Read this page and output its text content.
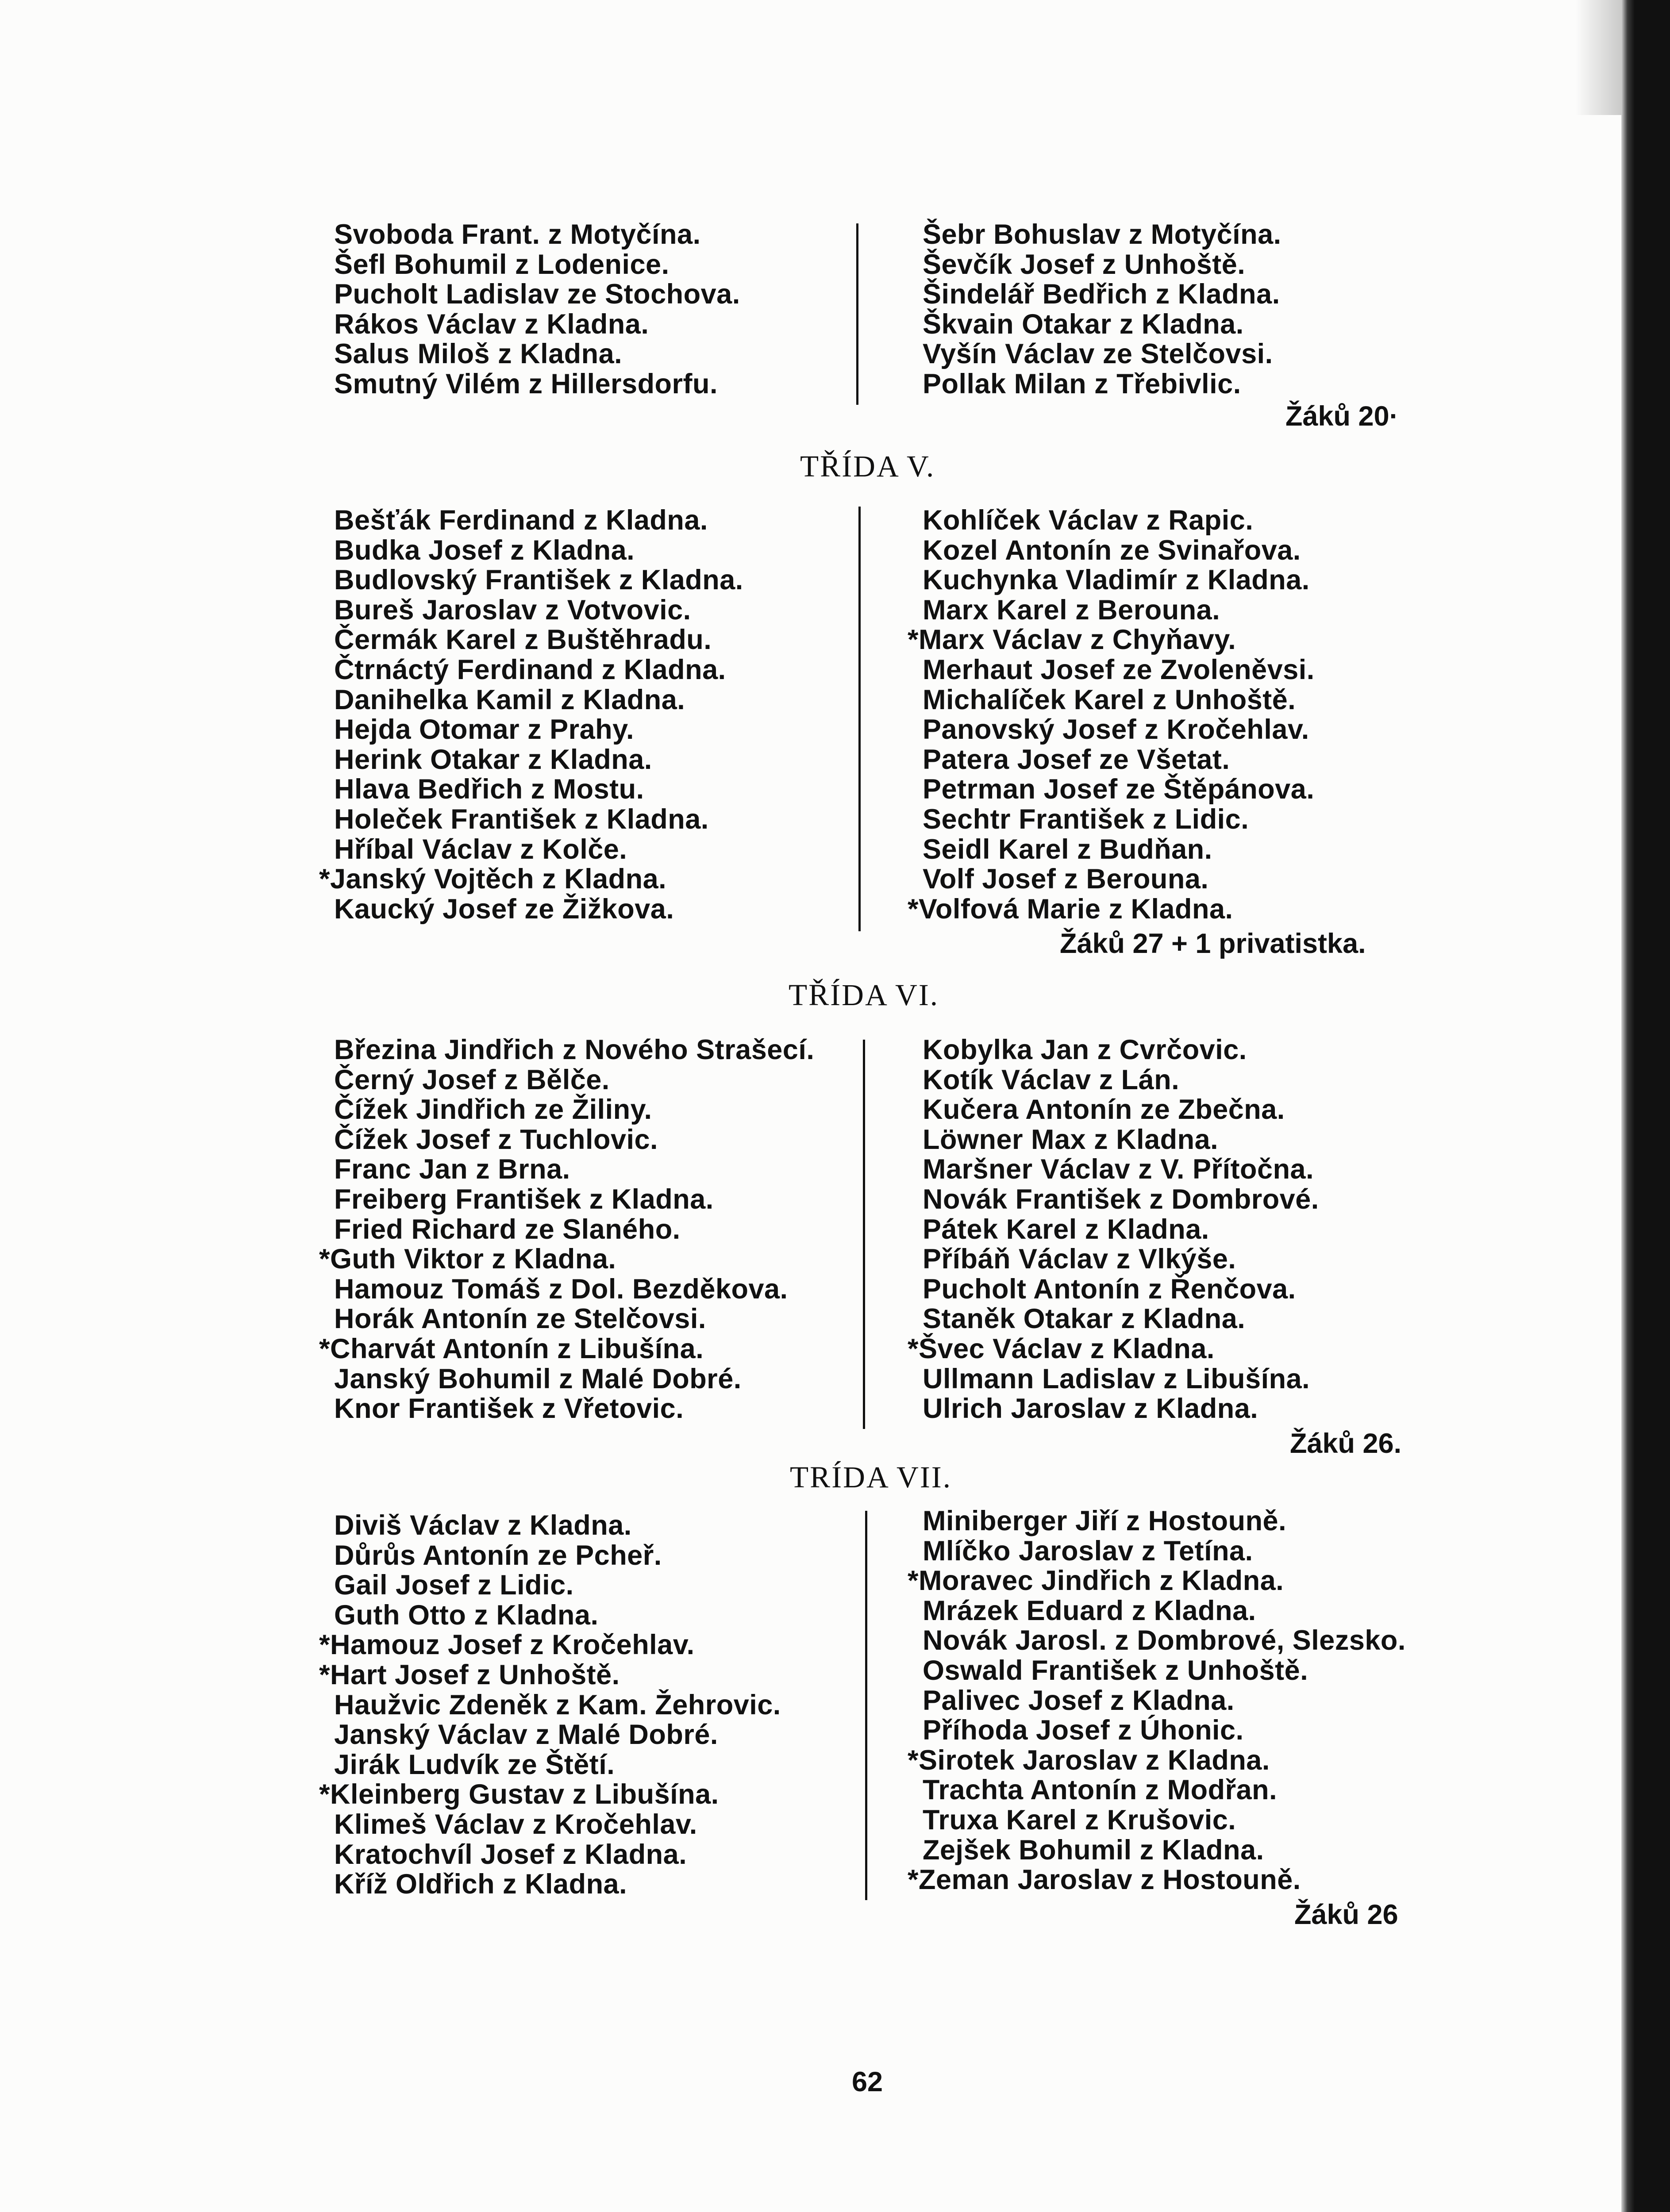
Svoboda Frant. z Motyčína.
Šefl Bohumil z Lodenice.
Pucholt Ladislav ze Stochova.
Rákos Václav z Kladna.
Salus Miloš z Kladna.
Smutný Vilém z Hillersdorfu.
Šebr Bohuslav z Motyčína.
Ševčík Josef z Unhoště.
Šindelář Bedřich z Kladna.
Škvain Otakar z Kladna.
Vyšín Václav ze Stelčovsi.
Pollak Milan z Třebivlic.
Žáků 20·
TŘÍDA V.
Bešťák Ferdinand z Kladna.
Budka Josef z Kladna.
Budlovský František z Kladna.
Bureš Jaroslav z Votvovic.
Čermák Karel z Buštěhradu.
Čtrnáctý Ferdinand z Kladna.
Danihelka Kamil z Kladna.
Hejda Otomar z Prahy.
Herink Otakar z Kladna.
Hlava Bedřich z Mostu.
Holeček František z Kladna.
Hříbal Václav z Kolče.
*Janský Vojtěch z Kladna.
Kaucký Josef ze Žižkova.
Kohlíček Václav z Rapic.
Kozel Antonín ze Svinařova.
Kuchynka Vladimír z Kladna.
Marx Karel z Berouna.
*Marx Václav z Chyňavy.
Merhaut Josef ze Zvoleněvsi.
Michalíček Karel z Unhoště.
Panovský Josef z Kročehlav.
Patera Josef ze Všetat.
Petrman Josef ze Štěpánova.
Sechtr František z Lidic.
Seidl Karel z Budňan.
Volf Josef z Berouna.
*Volfová Marie z Kladna.
Žáků 27 + 1 privatistka.
TŘÍDA VI.
Březina Jindřich z Nového Strašecí.
Černý Josef z Bělče.
Čížek Jindřich ze Žiliny.
Čížek Josef z Tuchlovic.
Franc Jan z Brna.
Freiberg František z Kladna.
Fried Richard ze Slaného.
*Guth Viktor z Kladna.
Hamouz Tomáš z Dol. Bezděkova.
Horák Antonín ze Stelčovsi.
*Charvát Antonín z Libušína.
Janský Bohumil z Malé Dobré.
Knor František z Vřetovic.
Kobylka Jan z Cvrčovic.
Kotík Václav z Lán.
Kučera Antonín ze Zbečna.
Löwner Max z Kladna.
Maršner Václav z V. Přítočna.
Novák František z Dombrové.
Pátek Karel z Kladna.
Příbáň Václav z Vlkýše.
Pucholt Antonín z Řenčova.
Staněk Otakar z Kladna.
*Švec Václav z Kladna.
Ullmann Ladislav z Libušína.
Ulrich Jaroslav z Kladna.
Žáků 26.
TRÍDA VII.
Diviš Václav z Kladna.
Důrůs Antonín ze Pcheř.
Gail Josef z Lidic.
Guth Otto z Kladna.
*Hamouz Josef z Kročehlav.
*Hart Josef z Unhoště.
Haužvic Zdeněk z Kam. Žehrovic.
Janský Václav z Malé Dobré.
Jirák Ludvík ze Štětí.
*Kleinberg Gustav z Libušína.
Klimeš Václav z Kročehlav.
Kratochvíl Josef z Kladna.
Kříž Oldřich z Kladna.
Miniberger Jiří z Hostouně.
Mlíčko Jaroslav z Tetína.
*Moravec Jindřich z Kladna.
Mrázek Eduard z Kladna.
Novák Jarosl. z Dombrové, Slezsko.
Oswald František z Unhoště.
Palivec Josef z Kladna.
Příhoda Josef z Úhonic.
*Sirotek Jaroslav z Kladna.
Trachta Antonín z Modřan.
Truxa Karel z Krušovic.
Zejšek Bohumil z Kladna.
*Zeman Jaroslav z Hostouně.
Žáků 26
62
